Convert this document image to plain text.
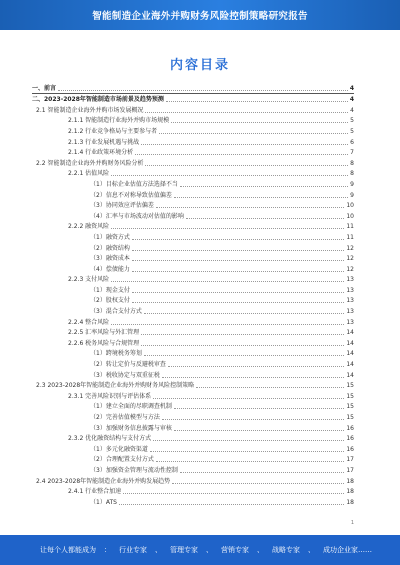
智能制造企业海外并购财务风险控制策略研究报告
内容目录
一、前言	4
二、2023-2028年智能制造市场前景及趋势预测	4
2.1 智能制造企业海外并购市场发展概况	4
2.1.1 智能制造行业海外并购市场规模	5
2.1.2 行业竞争格局与主要参与者	5
2.1.3 行业发展机遇与挑战	6
2.1.4 行业政策环境分析	7
2.2 智能制造企业海外并购财务风险分析	8
2.2.1 估值风险	8
（1）目标企业估值方法选择不当	9
（2）信息不对称导致估值偏差	9
（3）协同效应评估偏差	10
（4）汇率与市场波动对估值的影响	10
2.2.2 融资风险	11
（1）融资方式	11
（2）融资结构	12
（3）融资成本	12
（4）偿债能力	12
2.2.3 支付风险	13
（1）现金支付	13
（2）股权支付	13
（3）混合支付方式	13
2.2.4 整合风险	13
2.2.5 汇率风险与外汇管理	14
2.2.6 税务风险与合规管理	14
（1）跨境税务筹划	14
（2）转让定价与反避税审查	14
（3）税收协定与双重征税	14
2.3 2023-2028年智能制造企业海外并购财务风险控制策略	15
2.3.1 完善风险识别与评估体系	15
（1）建立全面的尽职调查机制	15
（2）完善估值模型与方法	15
（3）加强财务信息披露与审核	16
2.3.2 优化融资结构与支付方式	16
（1）多元化融资渠道	16
（2）合理配置支付方式	17
（3）加强资金管理与流动性控制	17
2.4 2023-2028年智能制造企业海外并购发展趋势	18
2.4.1 行业整合加速	18
（1）ATS	18
1
让每个人都能成为 ： 行业专家 、 管理专家 、 营销专家 、 战略专家 、 成功企业家……
